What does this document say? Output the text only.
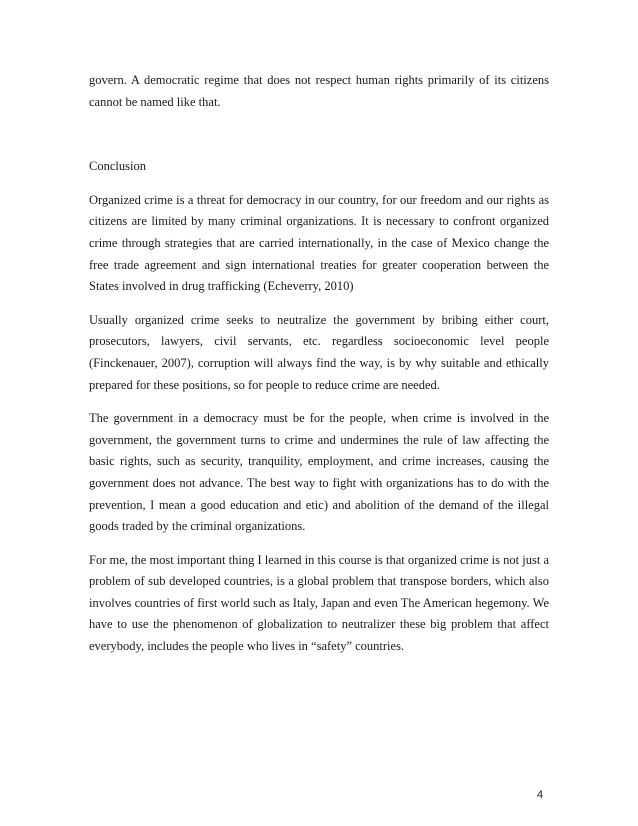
govern. A democratic regime that does not respect human rights primarily of its citizens cannot be named like that.

Conclusion

Organized crime is a threat for democracy in our country, for our freedom and our rights as citizens are limited by many criminal organizations. It is necessary to confront organized crime through strategies that are carried internationally, in the case of Mexico change the free trade agreement and sign international treaties for greater cooperation between the States involved in drug trafficking (Echeverry, 2010)

Usually organized crime seeks to neutralize the government by bribing either court, prosecutors, lawyers, civil servants, etc. regardless socioeconomic level people (Finckenauer, 2007), corruption will always find the way, is by why suitable and ethically prepared for these positions, so for people to reduce crime are needed.

The government in a democracy must be for the people, when crime is involved in the government, the government turns to crime and undermines the rule of law affecting the basic rights, such as security, tranquility, employment, and crime increases, causing the government does not advance. The best way to fight with organizations has to do with the prevention, I mean a good education and etic) and abolition of the demand of the illegal goods traded by the criminal organizations.

For me, the most important thing I learned in this course is that organized crime is not just a problem of sub developed countries, is a global problem that transpose borders, which also involves countries of first world such as Italy, Japan and even The American hegemony. We have to use the phenomenon of globalization to neutralizer these big problem that affect everybody, includes the people who lives in “safety” countries.

4
